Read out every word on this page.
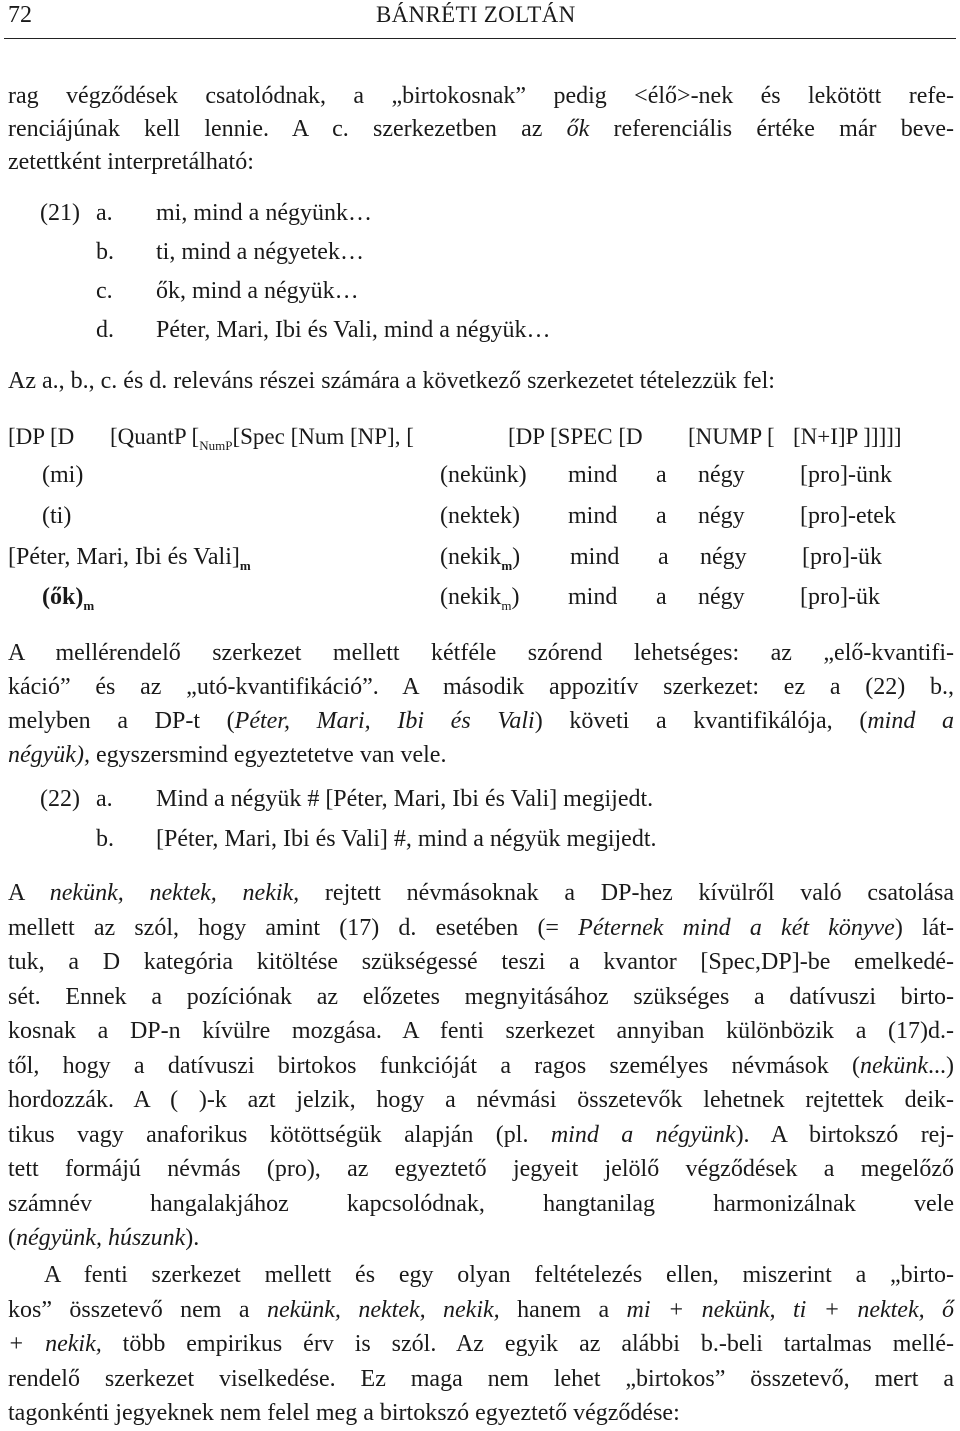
72	BÁNRÉTI ZOLTÁN
rag végződések csatolódnak, a „birtokosnak” pedig <élő>-nek és lekötött refe-
renciájúnak kell lennie. A c. szerkezetben az ők referenciális értéke már beve-
zetettként interpretálható:
(21) a. mi, mind a négyünk…
b. ti, mind a négyetek…
c. ők, mind a négyük…
d. Péter, Mari, Ibi és Vali, mind a négyük…
Az a., b., c. és d. releváns részei számára a következő szerkezetet tételezzük fel:
[DP [D [QuantP [$_{NumP}[Spec$ [Num [NP], [	[DP [SPEC [D [NUMP [ [N+I]P ]]]]]
(mi)	(nekünk) mind a négy [pro]-ünk
(ti)	(nektek) mind a négy [pro]-etek
[Péter, Mari, Ibi és $Vali]_m$	(nekik$_m$) mind a négy [pro]-ük
$(ők)_m$	(nekik$_m$) mind a négy [pro]-ük
A mellérendelő szerkezet mellett kétféle szórend lehetséges: az „elő-kvantifi-
káció” és az „utó-kvantifikáció”. A második appozitív szerkezet: ez a (22) b.,
melyben a DP-t (Péter, Mari, Ibi és Vali) követi a kvantifikálója, (mind a
négyük), egyszersmind egyeztetetve van vele.
(22) a. Mind a négyük # [Péter, Mari, Ibi és Vali] megijedt.
b. [Péter, Mari, Ibi és Vali] #, mind a négyük megijedt.
A nekünk, nektek, nekik, rejtett névmásoknak a DP-hez kívülről való csatolása
mellett az szól, hogy amint (17) d. esetében (= Péternek mind a két könyve) lát-
tuk, a D kategória kitöltése szükségessé teszi a kvantor [Spec,DP]-be emelkedé-
sét. Ennek a pozíciónak az előzetes megnyitásához szükséges a datívuszi birto-
kosnak a DP-n kívülre mozgása. A fenti szerkezet annyiban különbözik a (17)d.-
től, hogy a datívuszi birtokos funkcióját a ragos személyes névmások (nekünk...)
hordozzák. A ( )-k azt jelzik, hogy a névmási összetevők lehetnek rejtettek deik-
tikus vagy anaforikus kötöttségük alapján (pl. mind a négyünk). A birtokszó rej-
tett formájú névmás (pro), az egyeztető jegyeit jelölő végződések a megelőző
számnév hangalakjához kapcsolódnak, hangtanilag harmonizálnak vele
(négyünk, húszunk).
A fenti szerkezet mellett és egy olyan feltételezés ellen, miszerint a „birto-
kos” összetevő nem a nekünk, nektek, nekik, hanem a mi + nekünk, ti + nektek, ő
+ nekik, több empirikus érv is szól. Az egyik az alábbi b.-beli tartalmas mellé-
rendelő szerkezet viselkedése. Ez maga nem lehet „birtokos” összetevő, mert a
tagonkénti jegyeknek nem felel meg a birtokszó egyeztető végződése:
